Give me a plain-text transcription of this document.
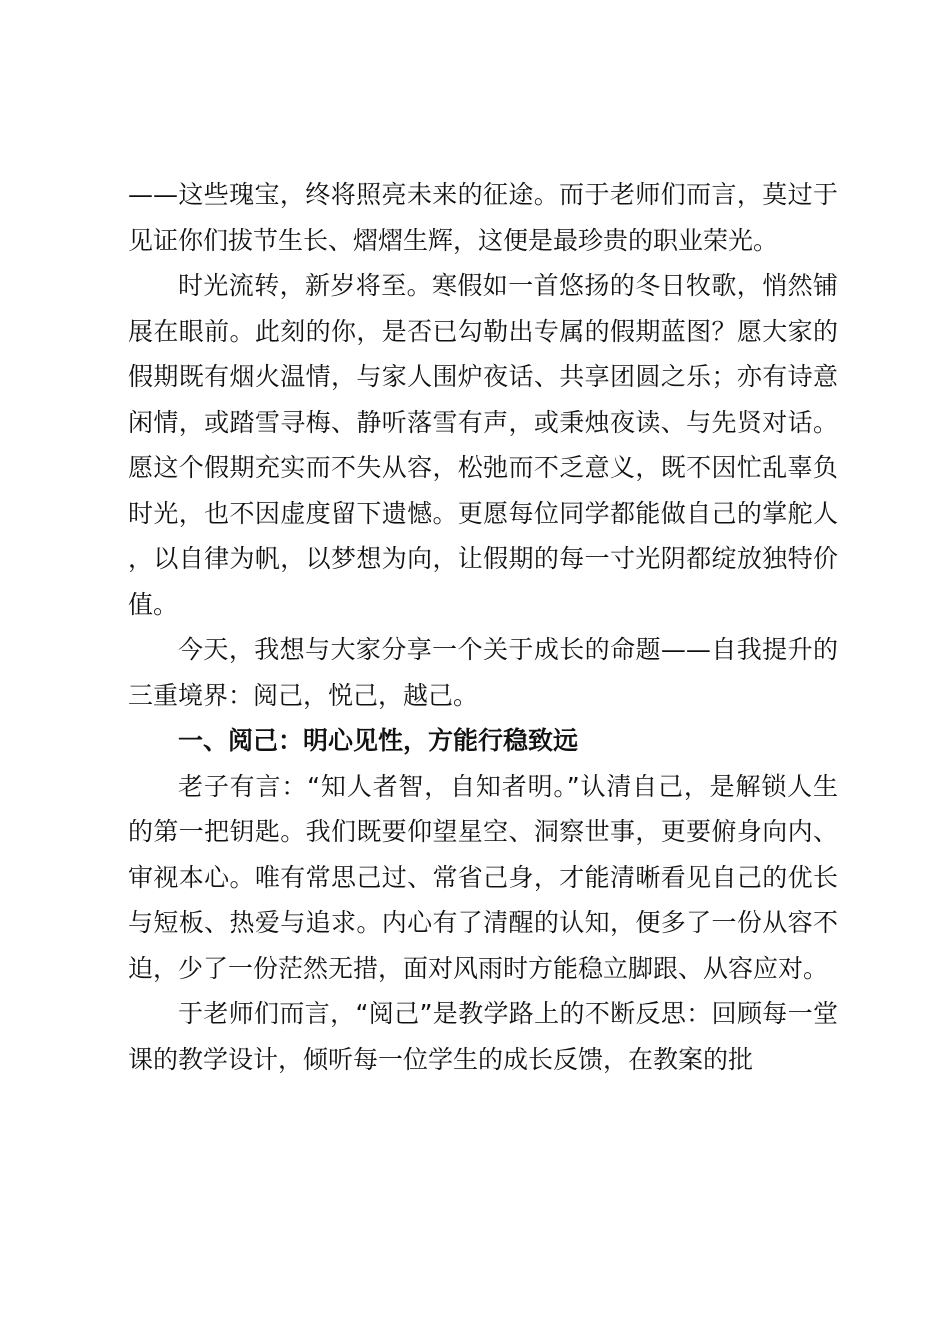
——这些瑰宝，终将照亮未来的征途。而于老师们而言，莫过于见证你们拔节生长、熠熠生辉，这便是最珍贵的职业荣光。

时光流转，新岁将至。寒假如一首悠扬的冬日牧歌，悄然铺展在眼前。此刻的你，是否已勾勒出专属的假期蓝图？愿大家的假期既有烟火温情，与家人围炉夜话、共享团圆之乐；亦有诗意闲情，或踏雪寻梅、静听落雪有声，或秉烛夜读、与先贤对话。愿这个假期充实而不失从容，松弛而不乏意义，既不因忙乱辜负时光，也不因虚度留下遗憾。更愿每位同学都能做自己的掌舵人，以自律为帆，以梦想为向，让假期的每一寸光阴都绽放独特价值。

今天，我想与大家分享一个关于成长的命题——自我提升的三重境界：阅己，悦己，越己。

一、阅己：明心见性，方能行稳致远

老子有言：“知人者智，自知者明。”认清自己，是解锁人生的第一把钥匙。我们既要仰望星空、洞察世事，更要俯身向内、审视本心。唯有常思己过、常省己身，才能清晰看见自己的优长与短板、热爱与追求。内心有了清醒的认知，便多了一份从容不迫，少了一份茫然无措，面对风雨时方能稳立脚跟、从容应对。

于老师们而言，“阅己”是教学路上的不断反思：回顾每一堂课的教学设计，倾听每一位学生的成长反馈，在教案的批
